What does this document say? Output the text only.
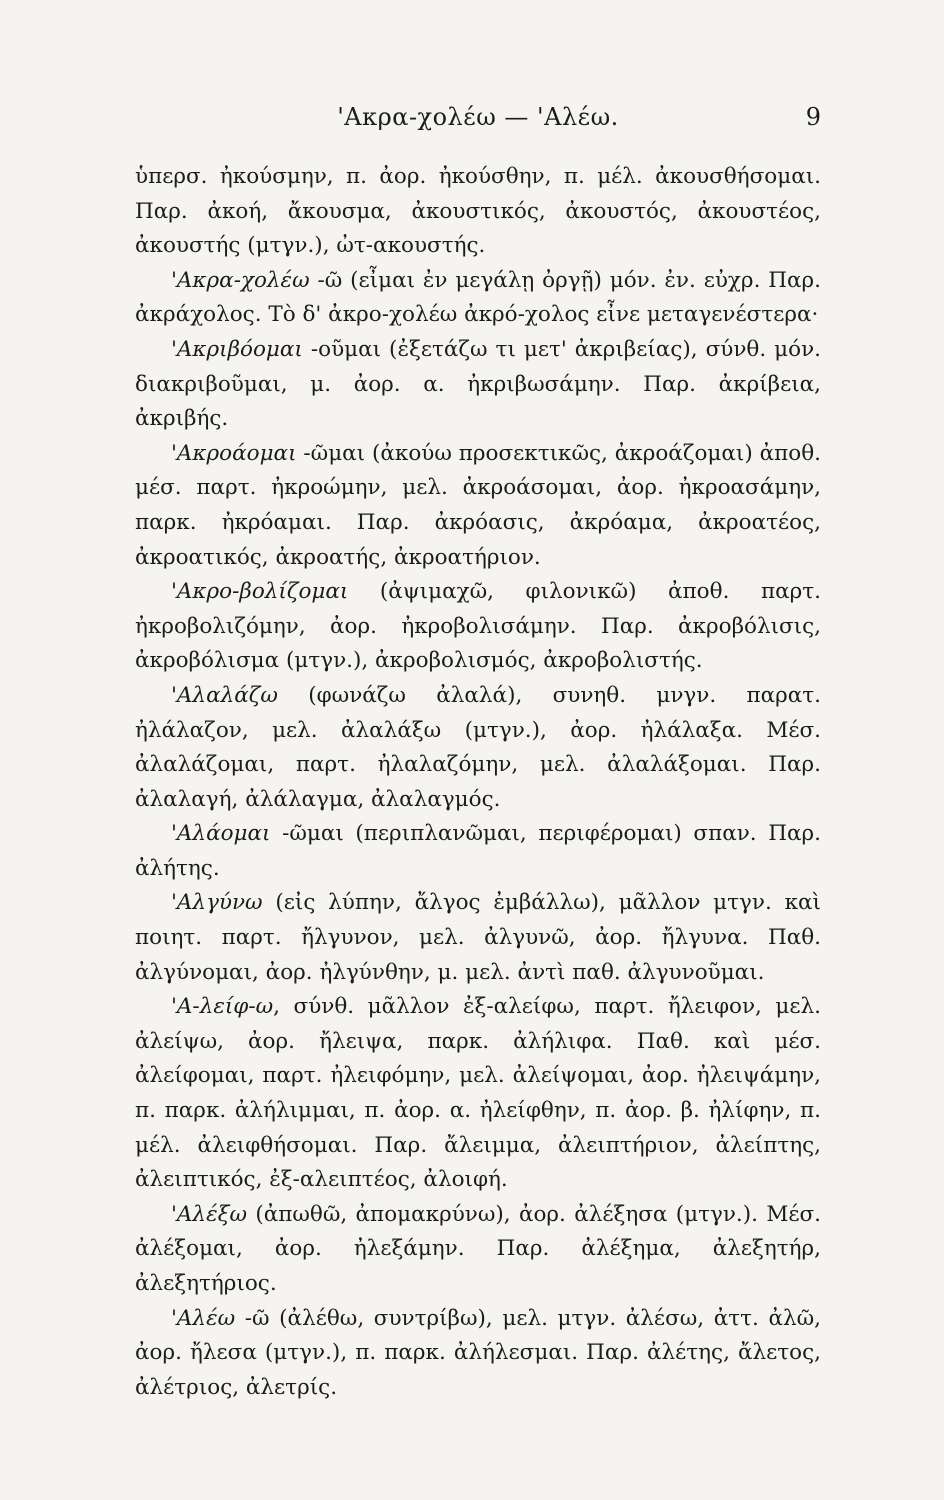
'Ακρα-χολέω — 'Αλέω.	9

ὑπερσ. ἠκούσμην, π. ἀορ. ἠκούσθην, π. μέλ. ἀκουσθήσομαι. Παρ. ἀκοή, ἄκουσμα, ἀκουστικός, ἀκουστός, ἀκουστέος, ἀκουστής (μτγν.), ὠτ-ακουστής.

'Ακρα-χολέω -ῶ (εἶμαι ἐν μεγάλῃ ὀργῇ) μόν. ἐν. εὐχρ. Παρ. ἀκράχολος. Τὸ δ' ἀκρο-χολέω ἀκρό-χολος εἶνε μεταγενέστερα·

'Ακριβόομαι -οῦμαι (ἐξετάζω τι μετ' ἀκριβείας), σύνθ. μόν. διακριβοῦμαι, μ. ἀορ. α. ἠκριβωσάμην. Παρ. ἀκρίβεια, ἀκριβής.

'Ακροάομαι -ῶμαι (ἀκούω προσεκτικῶς, ἀκροάζομαι) ἀποθ. μέσ. παρτ. ἠκροώμην, μελ. ἀκροάσομαι, ἀορ. ἠκροασάμην, παρκ. ἠκρόαμαι. Παρ. ἀκρόασις, ἀκρόαμα, ἀκροατέος, ἀκροατικός, ἀκροατής, ἀκροατήριον.

'Ακρο-βολίζομαι (ἀψιμαχῶ, φιλονικῶ) ἀποθ. παρτ. ἠκροβολιζόμην, ἀορ. ἠκροβολισάμην. Παρ. ἀκροβόλισις, ἀκροβόλισμα (μτγν.), ἀκροβολισμός, ἀκροβολιστής.

'Αλαλάζω (φωνάζω ἀλαλά), συνηθ. μνγν. παρατ. ἠλάλαζον, μελ. ἀλαλάξω (μτγν.), ἀορ. ἠλάλαξα. Μέσ. ἀλαλάζομαι, παρτ. ἠλαλαζόμην, μελ. ἀλαλάξομαι. Παρ. ἀλαλαγή, ἀλάλαγμα, ἀλαλαγμός.

'Αλάομαι -ῶμαι (περιπλανῶμαι, περιφέρομαι) σπαν. Παρ. ἀλήτης.

'Αλγύνω (εἰς λύπην, ἄλγος ἐμβάλλω), μᾶλλον μτγν. καὶ ποιητ. παρτ. ἤλγυνον, μελ. ἀλγυνῶ, ἀορ. ἤλγυνα. Παθ. ἀλγύνομαι, ἀορ. ἠλγύνθην, μ. μελ. ἀντὶ παθ. ἀλγυνοῦμαι.

'Α-λείφ-ω, σύνθ. μᾶλλον ἐξ-αλείφω, παρτ. ἤλειφον, μελ. ἀλείψω, ἀορ. ἤλειψα, παρκ. ἀλήλιφα. Παθ. καὶ μέσ. ἀλείφομαι, παρτ. ἠλειφόμην, μελ. ἀλείψομαι, ἀορ. ἠλειψάμην, π. παρκ. ἀλήλιμμαι, π. ἀορ. α. ἠλείφθην, π. ἀορ. β. ἠλίφην, π. μέλ. ἀλειφθήσομαι. Παρ. ἄλειμμα, ἀλειπτήριον, ἀλείπτης, ἀλειπτικός, ἐξ-αλειπτέος, ἀλοιφή.

'Αλέξω (ἀπωθῶ, ἀπομακρύνω), ἀορ. ἀλέξησα (μτγν.). Μέσ. ἀλέξομαι, ἀορ. ἠλεξάμην. Παρ. ἀλέξημα, ἀλεξητήρ, ἀλεξητήριος.

'Αλέω -ῶ (ἀλέθω, συντρίβω), μελ. μτγν. ἀλέσω, ἀττ. ἀλῶ, ἀορ. ἤλεσα (μτγν.), π. παρκ. ἀλήλεσμαι. Παρ. ἀλέτης, ἄλετος, ἀλέτριος, ἀλετρίς.
